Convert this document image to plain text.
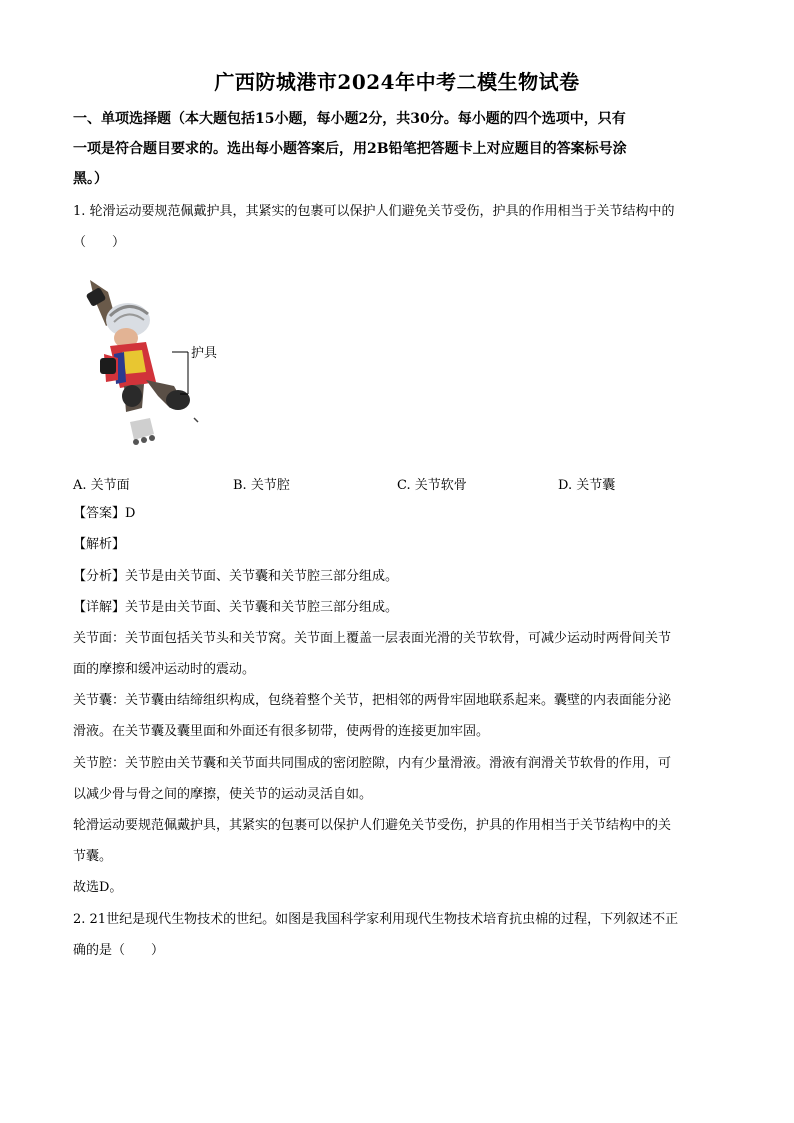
广西防城港市2024年中考二模生物试卷
一、单项选择题（本大题包括15小题，每小题2分，共30分。每小题的四个选项中，只有
一项是符合题目要求的。选出每小题答案后，用2B铅笔把答题卡上对应题目的答案标号涂
黑。）
1. 轮滑运动要规范佩戴护具，其紧实的包裹可以保护人们避免关节受伤，护具的作用相当于关节结构中的
（　　）
护具
A. 关节面	B. 关节腔	C. 关节软骨	D. 关节囊
【答案】D
【解析】
【分析】关节是由关节面、关节囊和关节腔三部分组成。
【详解】关节是由关节面、关节囊和关节腔三部分组成。
关节面：关节面包括关节头和关节窝。关节面上覆盖一层表面光滑的关节软骨，可减少运动时两骨间关节
面的摩擦和缓冲运动时的震动。
关节囊：关节囊由结缔组织构成，包绕着整个关节，把相邻的两骨牢固地联系起来。囊壁的内表面能分泌
滑液。在关节囊及囊里面和外面还有很多韧带，使两骨的连接更加牢固。
关节腔：关节腔由关节囊和关节面共同围成的密闭腔隙，内有少量滑液。滑液有润滑关节软骨的作用，可
以减少骨与骨之间的摩擦，使关节的运动灵活自如。
轮滑运动要规范佩戴护具，其紧实的包裹可以保护人们避免关节受伤，护具的作用相当于关节结构中的关
节囊。
故选D。
2. 21世纪是现代生物技术的世纪。如图是我国科学家利用现代生物技术培育抗虫棉的过程，下列叙述不正
确的是（　　）
